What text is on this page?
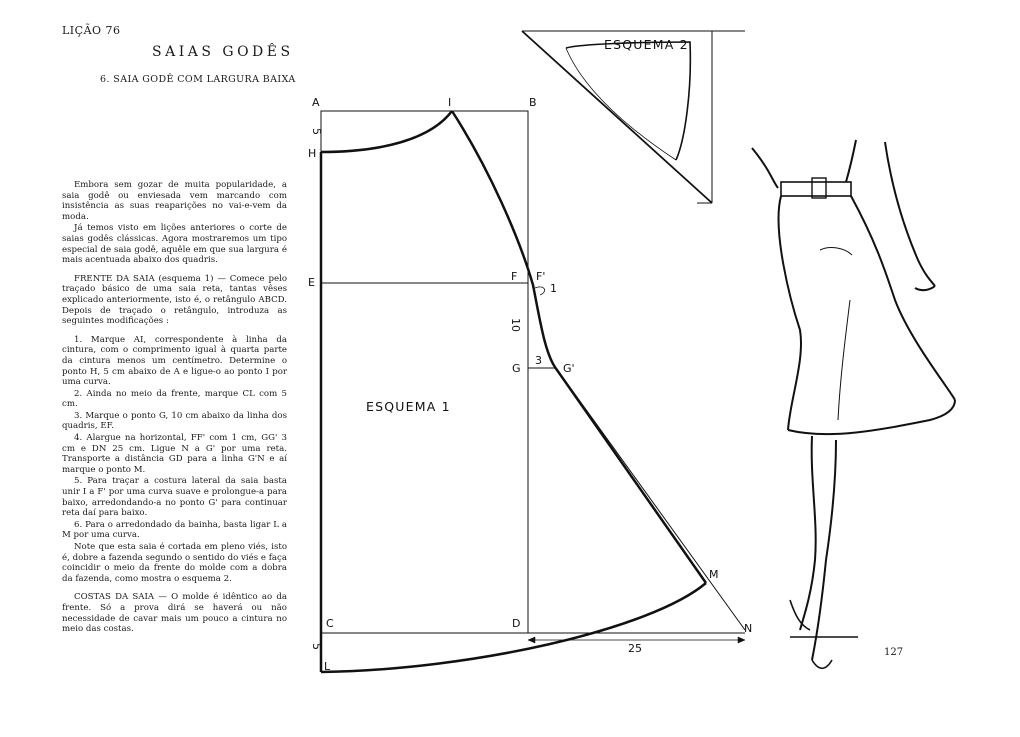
LIÇÃO 76
SAIAS GODÊS
6. SAIA GODÊ COM LARGURA BAIXA

Embora sem gozar de muita popularidade, a saia godê ou enviesada vem marcando com insistência as suas reaparições no vai-e-vem da moda.

Já temos visto em lições anteriores o corte de saias godês clássicas. Agora mostraremos um tipo especial de saia godê, aquêle em que sua largura é mais acentuada abaixo dos quadris.

FRENTE DA SAIA (esquema 1) — Comece pelo traçado básico de uma saia reta, tantas vêses explicado anteriormente, isto é, o retângulo ABCD. Depois de traçado o retângulo, introduza as seguintes modificações :

1. Marque AI, correspondente à linha da cintura, com o comprimento igual à quarta parte da cintura menos um centímetro. Determine o ponto H, 5 cm abaixo de A e ligue-o ao ponto I por uma curva.

2. Ainda no meio da frente, marque CL com 5 cm.

3. Marque o ponto G, 10 cm abaixo da linha dos quadris, EF.

4. Alargue na horizontal, FF' com 1 cm, GG' 3 cm e DN 25 cm. Ligue N a G' por uma reta. Transporte a distância GD para a linha G'N e aí marque o ponto M.

5. Para traçar a costura lateral da saia basta unir I a F' por uma curva suave e prolongue-a para baixo, arredondando-a no ponto G' para continuar reta daí para baixo.

6. Para o arredondado da bainha, basta ligar L a M por uma curva.

Note que esta saia é cortada em pleno viés, isto é, dobre a fazenda segundo o sentido do viés e faça coincidir o meio da frente do molde com a dobra da fazenda, como mostra o esquema 2.

COSTAS DA SAIA — O molde é idêntico ao da frente. Só a prova dirá se haverá ou não necessidade de cavar mais um pouco a cintura no meio das costas.

A	I	B
H
E	F F'
1
G
3
G'
C	D
L
M
N
5
10
5	25
ESQUEMA 1
ESQUEMA 2
127
